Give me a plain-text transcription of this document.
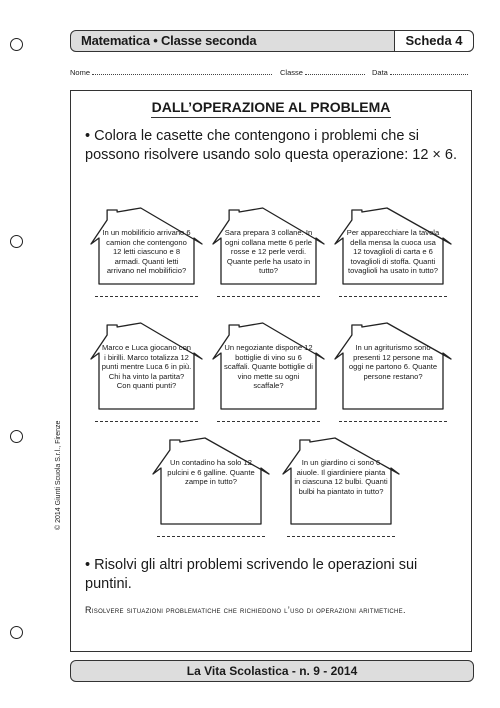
Matematica • Classe seconda	Scheda 4
Nome	Classe	Data
DALL’OPERAZIONE AL PROBLEMA
• Colora le casette che contengono i problemi che si possono risolvere usando solo questa operazione: 12 × 6.
In un mobilificio arrivano 6 camion che contengono 12 letti ciascuno e 8 armadi. Quanti letti arrivano nel mobilificio?
Sara prepara 3 collane. In ogni collana mette 6 perle rosse e 12 perle verdi. Quante perle ha usato in tutto?
Per apparecchiare la tavola della mensa la cuoca usa 12 tovaglioli di carta e 6 tovaglioli di stoffa. Quanti tovaglioli ha usato in tutto?
Marco e Luca giocano con i birilli. Marco totalizza 12 punti mentre Luca 6 in più. Chi ha vinto la partita? Con quanti punti?
Un negoziante dispone 12 bottiglie di vino su 6 scaffali. Quante bottiglie di vino mette su ogni scaffale?
In un agriturismo sono presenti 12 persone ma oggi ne partono 6. Quante persone restano?
Un contadino ha solo 12 pulcini e 6 galline. Quante zampe in tutto?
In un giardino ci sono 6 aiuole. Il giardiniere pianta in ciascuna 12 bulbi. Quanti bulbi ha piantato in tutto?
• Risolvi gli altri problemi scrivendo le operazioni sui puntini.
Risolvere situazioni problematiche che richiedono l’uso di operazioni aritmetiche.
© 2014 Giunti Scuola S.r.l., Firenze
La Vita Scolastica - n. 9 - 2014
